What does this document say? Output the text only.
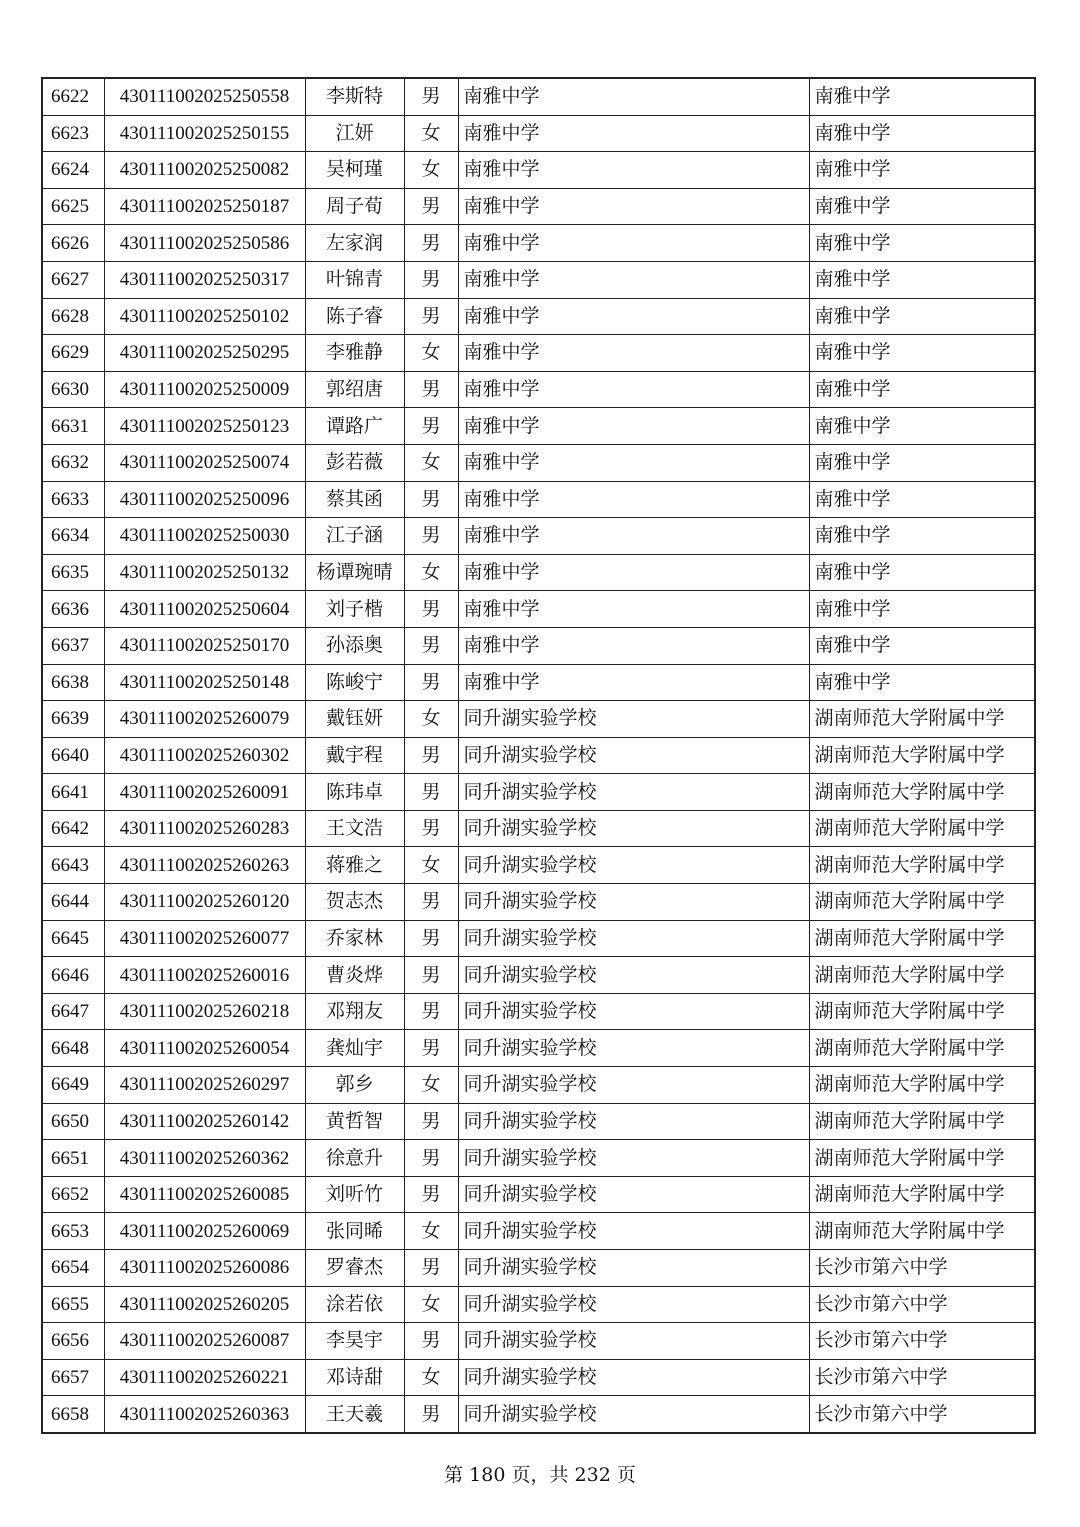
6622	430111002025250558	李斯特	男	南雅中学	南雅中学
6623	430111002025250155	江妍	女	南雅中学	南雅中学
6624	430111002025250082	吴柯瑾	女	南雅中学	南雅中学
6625	430111002025250187	周子荀	男	南雅中学	南雅中学
6626	430111002025250586	左家润	男	南雅中学	南雅中学
6627	430111002025250317	叶锦青	男	南雅中学	南雅中学
6628	430111002025250102	陈子睿	男	南雅中学	南雅中学
6629	430111002025250295	李雅静	女	南雅中学	南雅中学
6630	430111002025250009	郭绍唐	男	南雅中学	南雅中学
6631	430111002025250123	谭路广	男	南雅中学	南雅中学
6632	430111002025250074	彭若薇	女	南雅中学	南雅中学
6633	430111002025250096	蔡其函	男	南雅中学	南雅中学
6634	430111002025250030	江子涵	男	南雅中学	南雅中学
6635	430111002025250132	杨谭琬晴	女	南雅中学	南雅中学
6636	430111002025250604	刘子楷	男	南雅中学	南雅中学
6637	430111002025250170	孙添奥	男	南雅中学	南雅中学
6638	430111002025250148	陈峻宁	男	南雅中学	南雅中学
6639	430111002025260079	戴钰妍	女	同升湖实验学校	湖南师范大学附属中学
6640	430111002025260302	戴宇程	男	同升湖实验学校	湖南师范大学附属中学
6641	430111002025260091	陈玮卓	男	同升湖实验学校	湖南师范大学附属中学
6642	430111002025260283	王文浩	男	同升湖实验学校	湖南师范大学附属中学
6643	430111002025260263	蒋雅之	女	同升湖实验学校	湖南师范大学附属中学
6644	430111002025260120	贺志杰	男	同升湖实验学校	湖南师范大学附属中学
6645	430111002025260077	乔家林	男	同升湖实验学校	湖南师范大学附属中学
6646	430111002025260016	曹炎烨	男	同升湖实验学校	湖南师范大学附属中学
6647	430111002025260218	邓翔友	男	同升湖实验学校	湖南师范大学附属中学
6648	430111002025260054	龚灿宇	男	同升湖实验学校	湖南师范大学附属中学
6649	430111002025260297	郭乡	女	同升湖实验学校	湖南师范大学附属中学
6650	430111002025260142	黄哲智	男	同升湖实验学校	湖南师范大学附属中学
6651	430111002025260362	徐意升	男	同升湖实验学校	湖南师范大学附属中学
6652	430111002025260085	刘听竹	男	同升湖实验学校	湖南师范大学附属中学
6653	430111002025260069	张同晞	女	同升湖实验学校	湖南师范大学附属中学
6654	430111002025260086	罗睿杰	男	同升湖实验学校	长沙市第六中学
6655	430111002025260205	涂若依	女	同升湖实验学校	长沙市第六中学
6656	430111002025260087	李昊宇	男	同升湖实验学校	长沙市第六中学
6657	430111002025260221	邓诗甜	女	同升湖实验学校	长沙市第六中学
6658	430111002025260363	王天羲	男	同升湖实验学校	长沙市第六中学
第 180 页，共 232 页
